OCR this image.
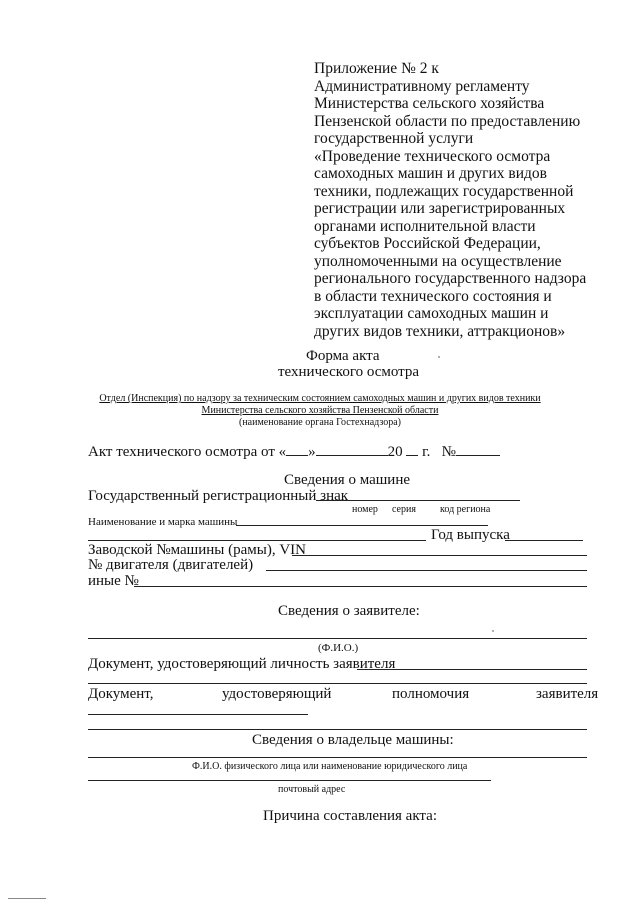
Приложение № 2 к
Административному регламенту
Министерства сельского хозяйства
Пензенской области по предоставлению
государственной услуги
«Проведение технического осмотра
самоходных машин и других видов
техники, подлежащих государственной
регистрации или зарегистрированных
органами исполнительной власти
субъектов Российской Федерации,
уполномоченными на осуществление
регионального государственного надзора
в области технического состояния и
эксплуатации самоходных машин и
других видов техники, аттракционов»
Форма акта
технического осмотра
Отдел (Инспекция) по надзору за техническим состоянием самоходных машин и других видов техники
Министерства сельского хозяйства Пензенской области
(наименование органа Гостехнадзора)
Акт технического осмотра от « »	20 г. №
Сведения о машине
Государственный регистрационный знак
номер серия код региона
Наименование и марка машины
Год выпуска
Заводской №машины (рамы), VIN
№ двигателя (двигателей)
иные №
Сведения о заявителе:
(Ф.И.О.)
Документ, удостоверяющий личность заявителя
Документ,	удостоверяющий	полномочия	заявителя
Сведения о владельце машины:
Ф.И.О. физического лица или наименование юридического лица
почтовый адрес
Причина составления акта:
